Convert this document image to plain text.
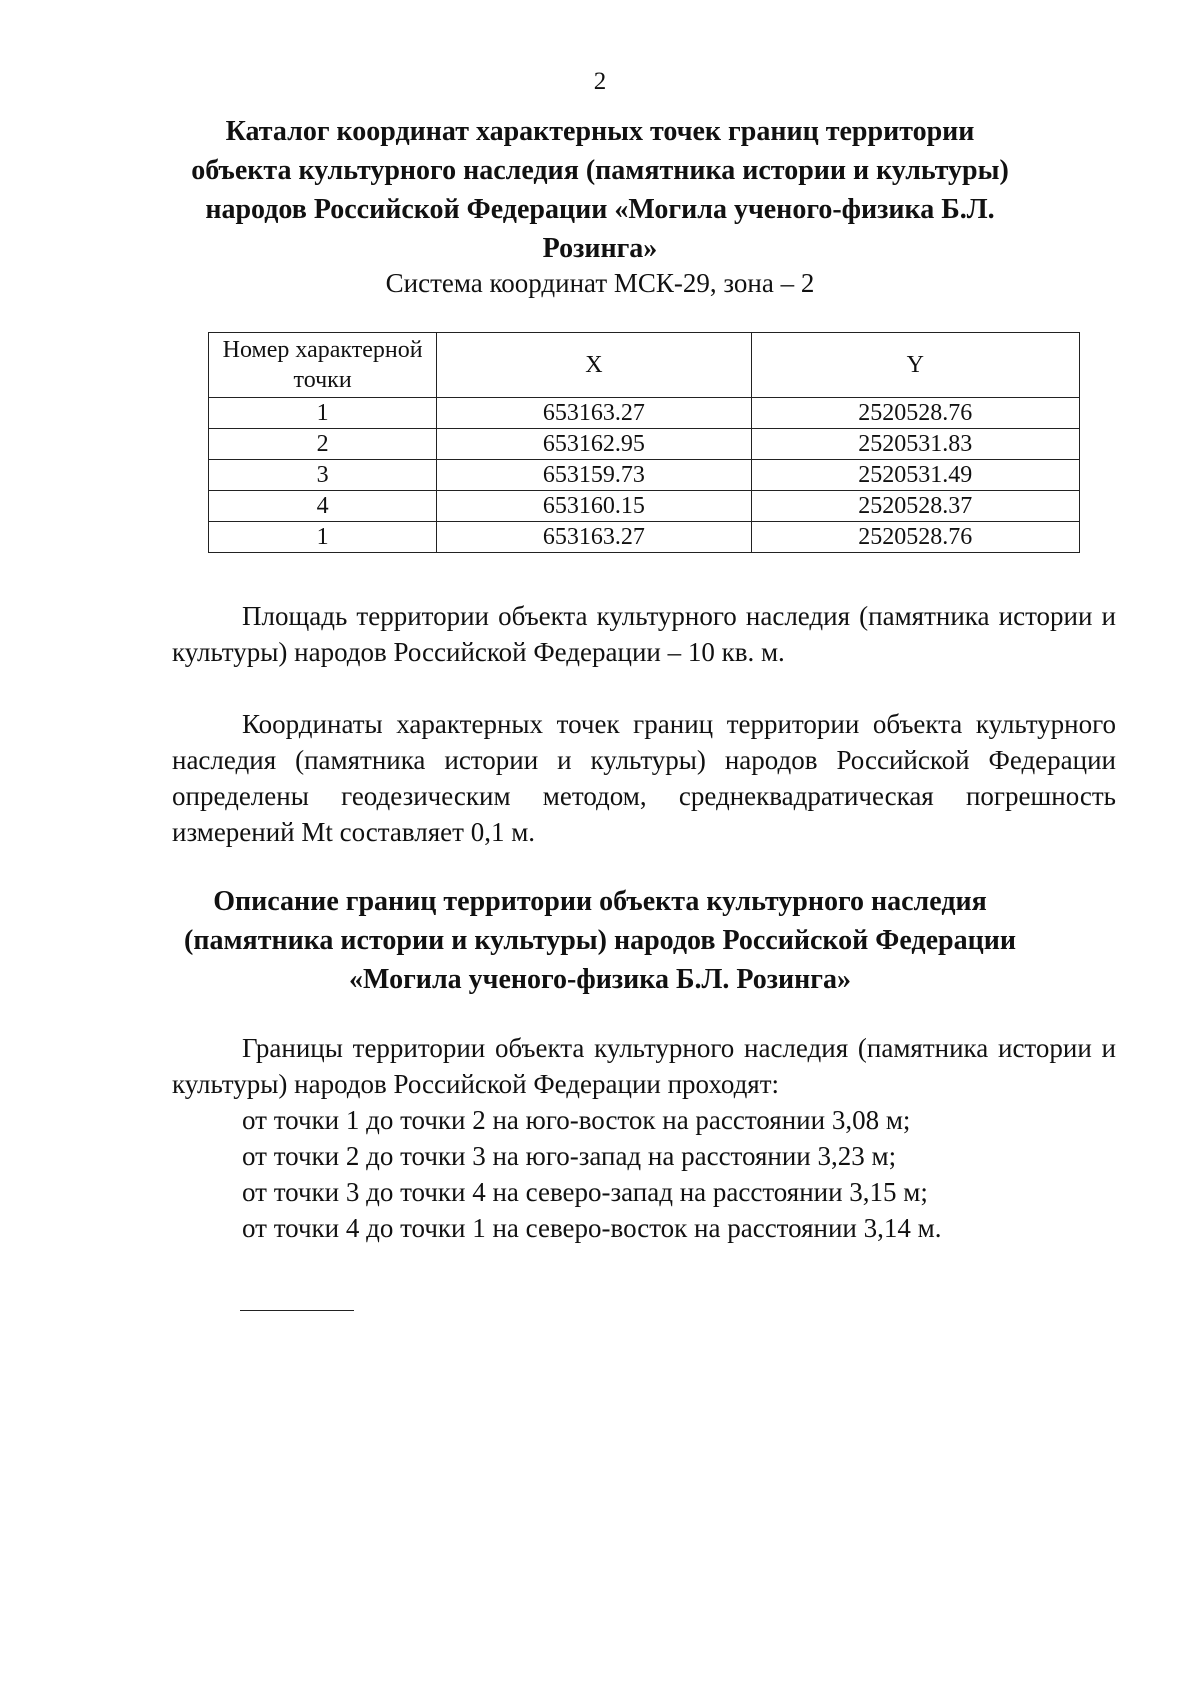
2
Каталог координат характерных точек границ территории
объекта культурного наследия (памятника истории и культуры)
народов Российской Федерации «Могила ученого-физика Б.Л. Розинга»
Система координат МСК-29, зона – 2
Номер характерной точки	X	Y
1	653163.27	2520528.76
2	653162.95	2520531.83
3	653159.73	2520531.49
4	653160.15	2520528.37
1	653163.27	2520528.76

Площадь территории объекта культурного наследия (памятника истории и культуры) народов Российской Федерации – 10 кв. м.

Координаты характерных точек границ территории объекта культурного наследия (памятника истории и культуры) народов Российской Федерации определены геодезическим методом, среднеквадратическая погрешность измерений Mt составляет 0,1 м.

Описание границ территории объекта культурного наследия
(памятника истории и культуры) народов Российской Федерации
«Могила ученого-физика Б.Л. Розинга»

Границы территории объекта культурного наследия (памятника истории и культуры) народов Российской Федерации проходят:

от точки 1 до точки 2 на юго-восток на расстоянии 3,08 м;
от точки 2 до точки 3 на юго-запад на расстоянии 3,23 м;
от точки 3 до точки 4 на северо-запад на расстоянии 3,15 м;
от точки 4 до точки 1 на северо-восток на расстоянии 3,14 м.
